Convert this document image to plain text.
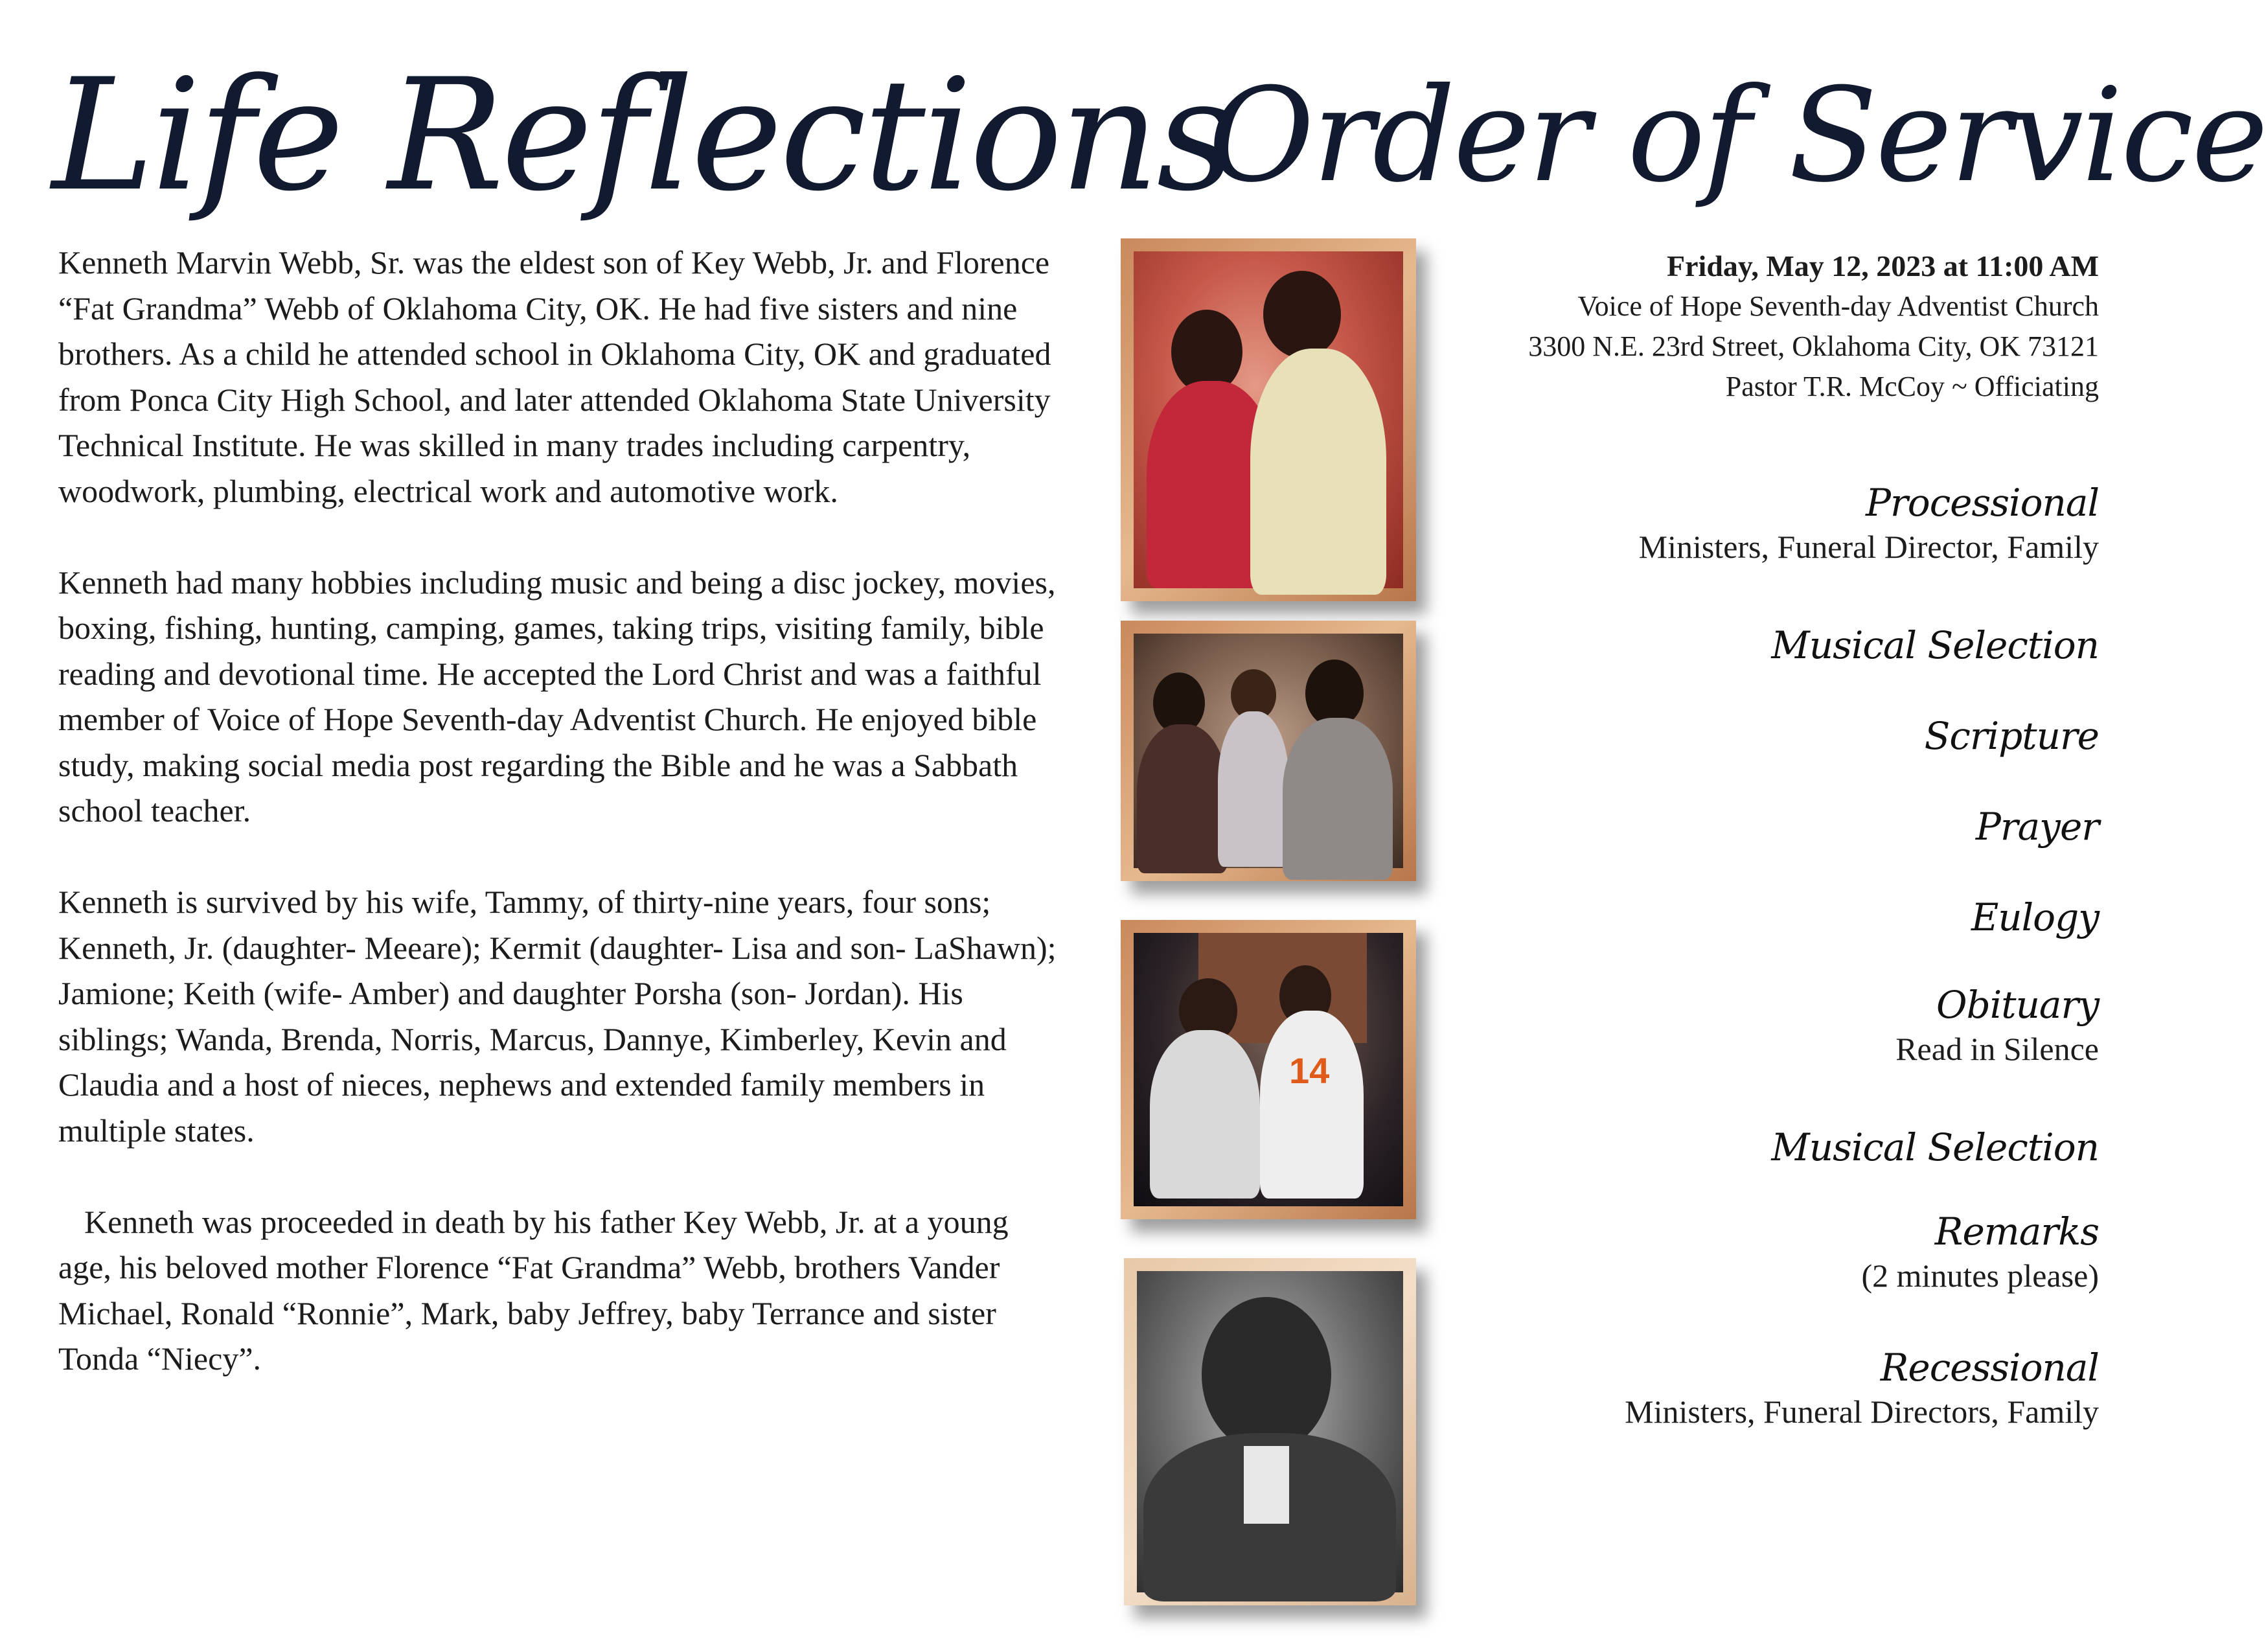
Life Reflections
Order of Service

Kenneth Marvin Webb, Sr. was the eldest son of Key Webb, Jr. and Florence “Fat Grandma” Webb of Oklahoma City, OK. He had five sisters and nine brothers. As a child he attended school in Oklahoma City, OK and graduated from Ponca City High School, and later attended Oklahoma State University Technical Institute. He was skilled in many trades including carpentry, woodwork, plumbing, electrical work and automotive work.

Kenneth had many hobbies including music and being a disc jockey, movies, boxing, fishing, hunting, camping, games, taking trips, visiting family, bible reading and devotional time. He accepted the Lord Christ and was a faithful member of Voice of Hope Seventh-day Adventist Church. He enjoyed bible study, making social media post regarding the Bible and he was a Sabbath school teacher.

Kenneth is survived by his wife, Tammy, of thirty-nine years, four sons; Kenneth, Jr. (daughter- Meeare); Kermit (daughter- Lisa and son- LaShawn); Jamione; Keith (wife- Amber) and daughter Porsha (son- Jordan). His siblings; Wanda, Brenda, Norris, Marcus, Dannye, Kimberley, Kevin and Claudia and a host of nieces, nephews and extended family members in multiple states.

Kenneth was proceeded in death by his father Key Webb, Jr. at a young age, his beloved mother Florence “Fat Grandma” Webb, brothers Vander Michael, Ronald “Ronnie”, Mark, baby Jeffrey, baby Terrance and sister Tonda “Niecy”.

14
Friday, May 12, 2023 at 11:00 AM
Voice of Hope Seventh-day Adventist Church
3300 N.E. 23rd Street, Oklahoma City, OK 73121
Pastor T.R. McCoy ~ Officiating
Processional
Ministers, Funeral Director, Family
Musical Selection
Scripture
Prayer
Eulogy
Obituary
Read in Silence
Musical Selection
Remarks
(2 minutes please)
Recessional
Ministers, Funeral Directors, Family
